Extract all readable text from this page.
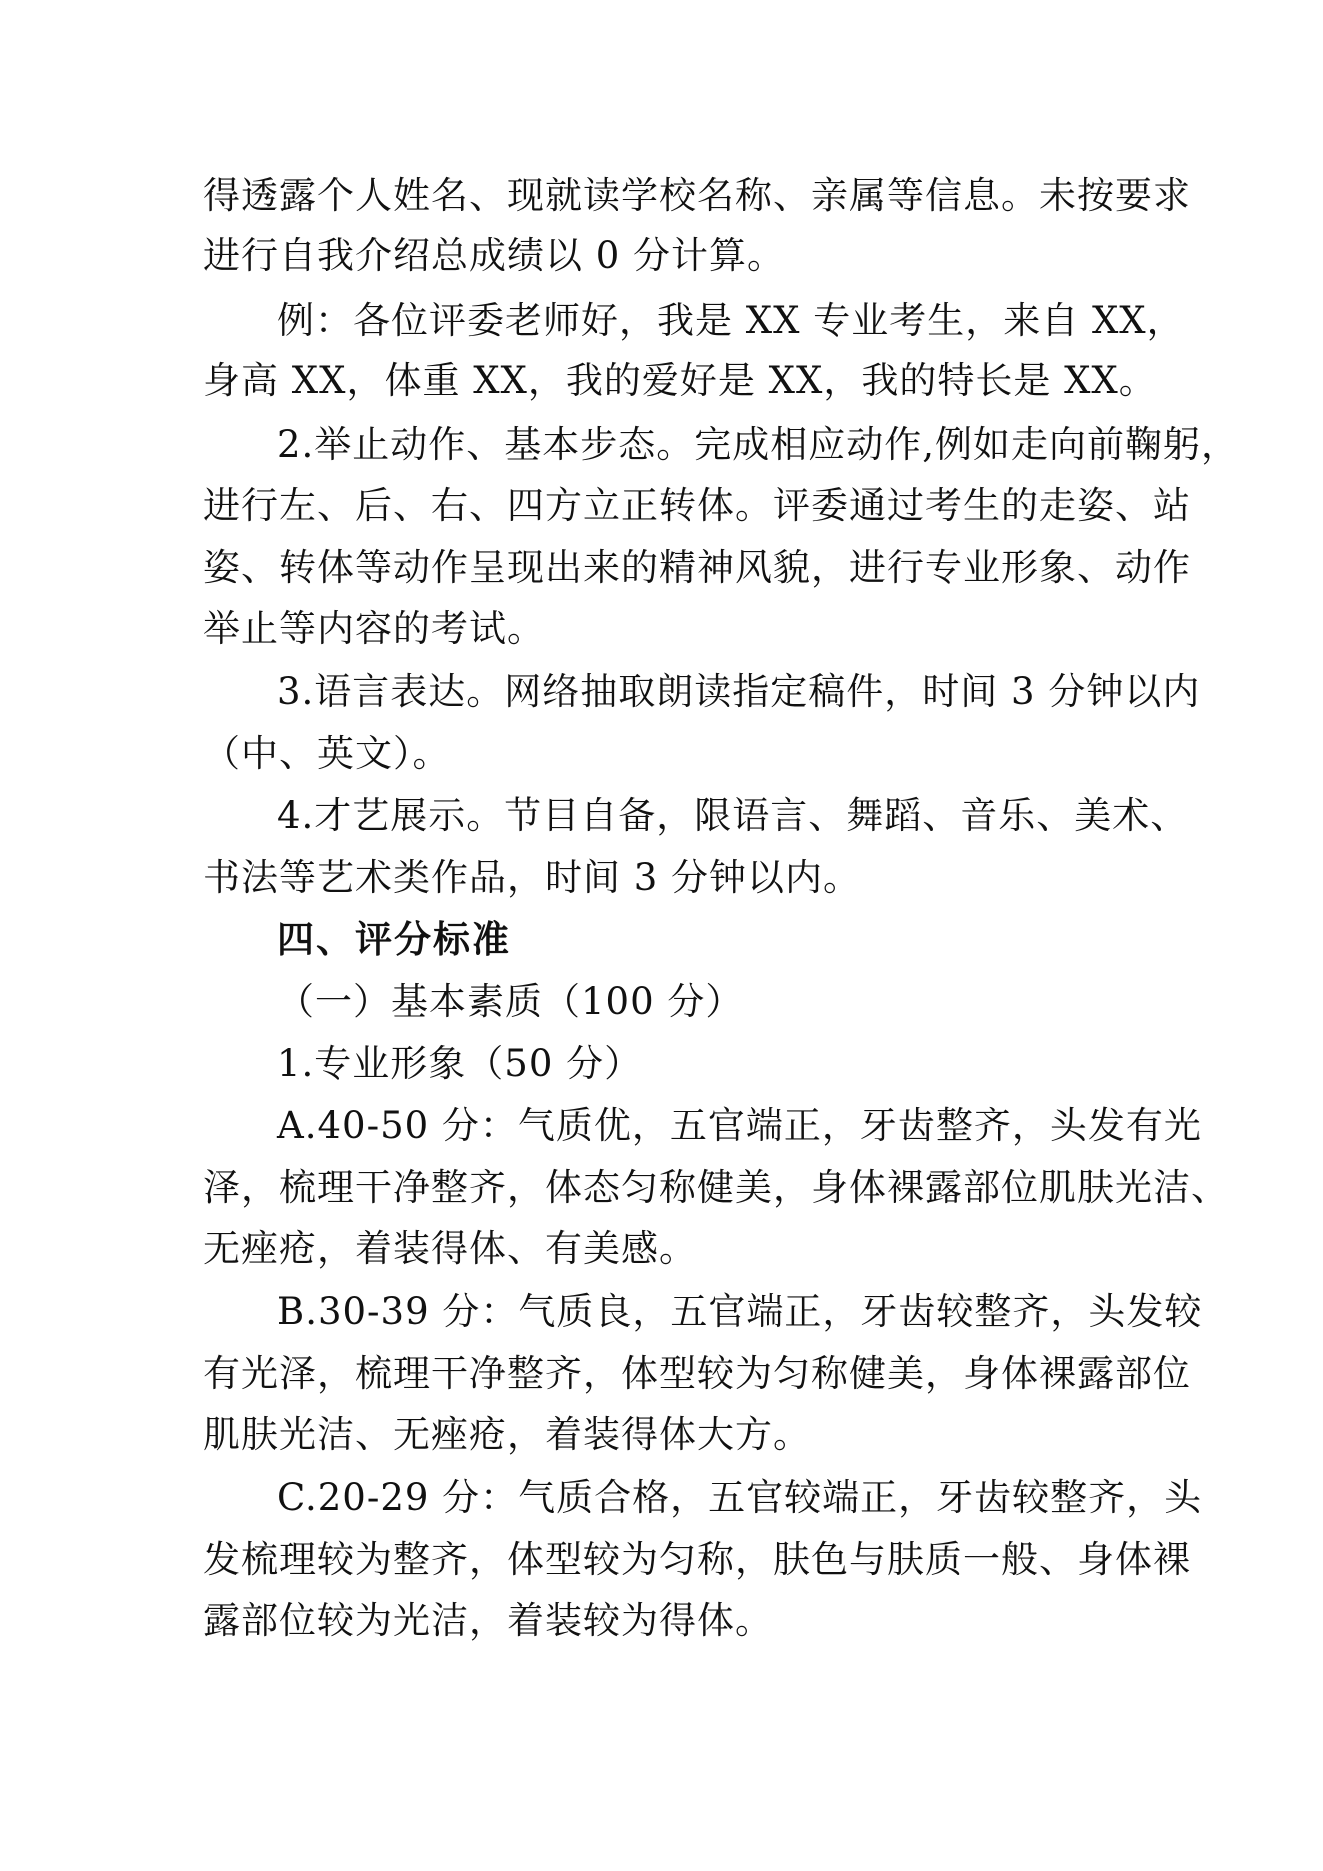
得透露个人姓名、现就读学校名称、亲属等信息。未按要求
进行自我介绍总成绩以 0 分计算。
例：各位评委老师好，我是 XX 专业考生，来自 XX，
身高 XX，体重 XX，我的爱好是 XX，我的特长是 XX。
2.举止动作、基本步态。完成相应动作,例如走向前鞠躬，
进行左、后、右、四方立正转体。评委通过考生的走姿、站
姿、转体等动作呈现出来的精神风貌，进行专业形象、动作
举止等内容的考试。
3.语言表达。网络抽取朗读指定稿件，时间 3 分钟以内
（中、英文）。
4.才艺展示。节目自备，限语言、舞蹈、音乐、美术、
书法等艺术类作品，时间 3 分钟以内。
四、评分标准
（一）基本素质（100 分）
1.专业形象（50 分）
A.40-50 分：气质优，五官端正，牙齿整齐，头发有光
泽，梳理干净整齐，体态匀称健美，身体裸露部位肌肤光洁、
无痤疮，着装得体、有美感。
B.30-39 分：气质良，五官端正，牙齿较整齐，头发较
有光泽，梳理干净整齐，体型较为匀称健美，身体裸露部位
肌肤光洁、无痤疮，着装得体大方。
C.20-29 分：气质合格，五官较端正，牙齿较整齐，头
发梳理较为整齐，体型较为匀称，肤色与肤质一般、身体裸
露部位较为光洁，着装较为得体。
